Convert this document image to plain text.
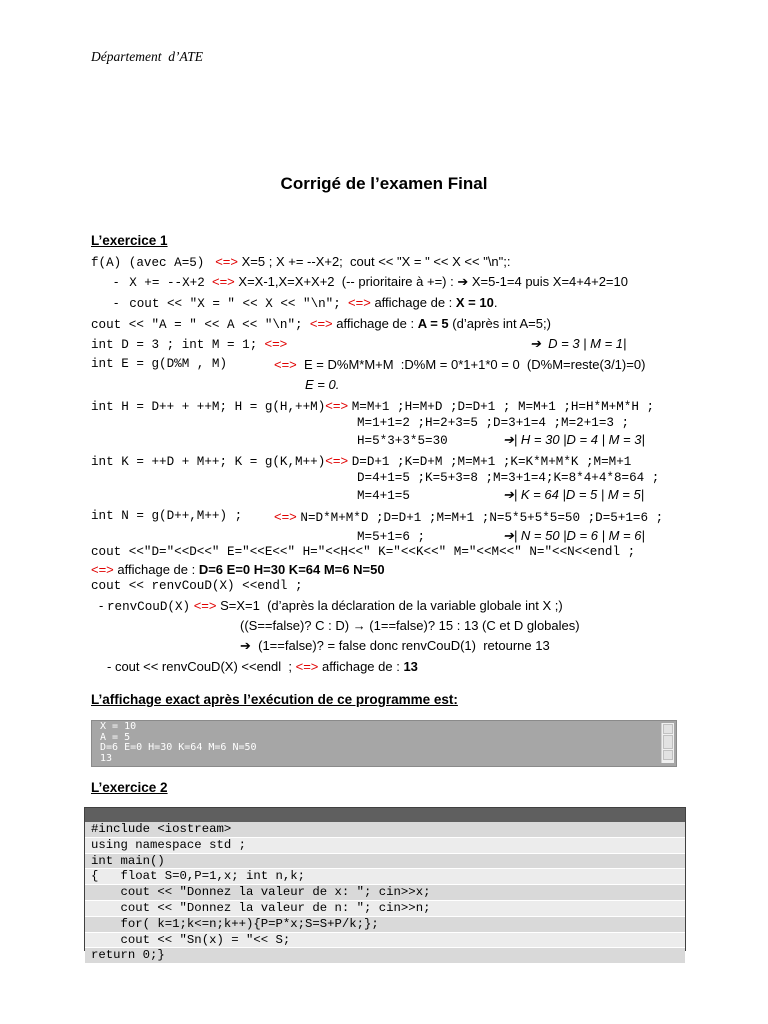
Département  d’ATE
Corrigé de l’examen Final
L’exercice 1
f(A) (avec A=5) <=> X=5 ; X += --X+2;  cout << "X = " << X << "\n";:
- X += --X+2 <=> X=X-1,X=X+X+2  (-- prioritaire à +=) : ➔ X=5-1=4 puis X=4+4+2=10
- cout << "X = " << X << "\n"; <=> affichage de : X = 10.
cout << "A = " << A << "\n"; <=> affichage de : A = 5 (d’après int A=5;)
int D = 3 ; int M = 1; <=>	➔  D = 3 | M = 1|
int E = g(D%M , M)	<=> E = D%M*M+M  :D%M = 0*1+1*0 = 0  (D%M=reste(3/1)=0)
E = 0.
int H = D++ + ++M; H = g(H,++M)<=> M=M+1 ;H=M+D ;D=D+1 ; M=M+1 ;H=H*M+M*H ;
M=1+1=2 ;H=2+3=5 ;D=3+1=4 ;M=2+1=3 ;
H=5*3+3*5=30	➔| H = 30 |D = 4 | M = 3|
int K = ++D + M++; K = g(K,M++)<=> D=D+1 ;K=D+M ;M=M+1 ;K=K*M+M*K ;M=M+1
D=4+1=5 ;K=5+3=8 ;M=3+1=4;K=8*4+4*8=64 ;
M=4+1=5	➔| K = 64 |D = 5 | M = 5|
int N = g(D++,M++) ; <=> N=D*M+M*D ;D=D+1 ;M=M+1 ;N=5*5+5*5=50 ;D=5+1=6 ;
M=5+1=6 ;	➔| N = 50 |D = 6 | M = 6|
cout <<"D="<<D<<" E="<<E<<" H="<<H<<" K="<<K<<" M="<<M<<" N="<<N<<endl ;
<=> affichage de : D=6 E=0 H=30 K=64 M=6 N=50
cout << renvCouD(X) <<endl ;
- renvCouD(X) <=> S=X=1  (d’après la déclaration de la variable globale int X ;)
((S==false)? C : D) → (1==false)? 15 : 13 (C et D globales)
➔  (1==false)? = false donc renvCouD(1)  retourne 13
- cout << renvCouD(X) <<endl  ; <=> affichage de : 13
L’affichage exact après l’exécution de ce programme est:
X = 10
A = 5
D=6 E=0 H=30 K=64 M=6 N=50
13
L’exercice 2
#include <iostream>
using namespace std ;
int main()
{   float S=0,P=1,x; int n,k;
cout << "Donnez la valeur de x: "; cin>>x;
cout << "Donnez la valeur de n: "; cin>>n;
for( k=1;k<=n;k++){P=P*x;S=S+P/k;};
cout << "Sn(x) = "<< S;
return 0;}
